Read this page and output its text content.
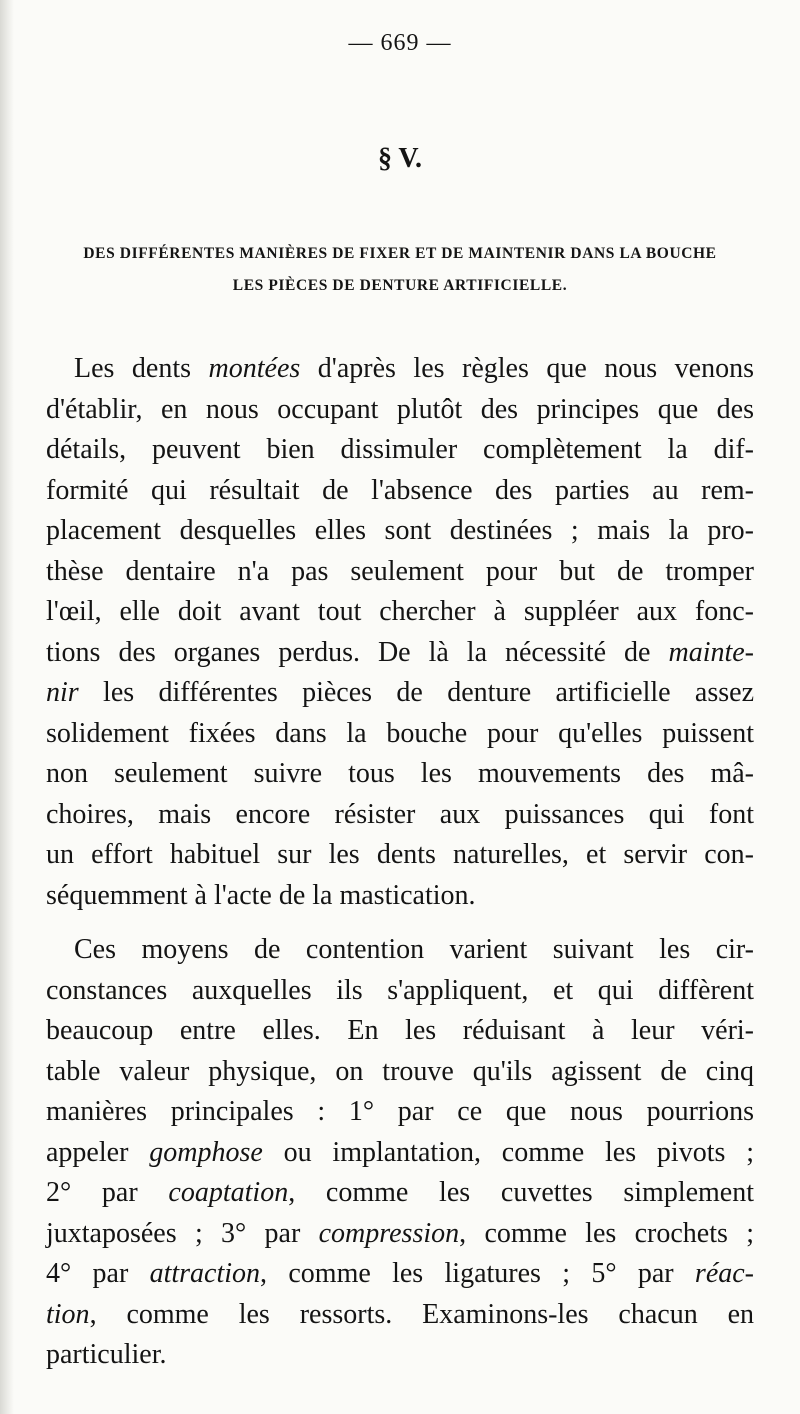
— 669 —
§ V.
DES DIFFÉRENTES MANIÈRES DE FIXER ET DE MAINTENIR DANS LA BOUCHE
LES PIÈCES DE DENTURE ARTIFICIELLE.
Les dents montées d'après les règles que nous venons
d'établir, en nous occupant plutôt des principes que des
détails, peuvent bien dissimuler complètement la dif-
formité qui résultait de l'absence des parties au rem-
placement desquelles elles sont destinées ; mais la pro-
thèse dentaire n'a pas seulement pour but de tromper
l'œil, elle doit avant tout chercher à suppléer aux fonc-
tions des organes perdus. De là la nécessité de mainte-
nir les différentes pièces de denture artificielle assez
solidement fixées dans la bouche pour qu'elles puissent
non seulement suivre tous les mouvements des mâ-
choires, mais encore résister aux puissances qui font
un effort habituel sur les dents naturelles, et servir con-
séquemment à l'acte de la mastication.
Ces moyens de contention varient suivant les cir-
constances auxquelles ils s'appliquent, et qui diffèrent
beaucoup entre elles. En les réduisant à leur véri-
table valeur physique, on trouve qu'ils agissent de cinq
manières principales : 1° par ce que nous pourrions
appeler gomphose ou implantation, comme les pivots ;
2° par coaptation, comme les cuvettes simplement
juxtaposées ; 3° par compression, comme les crochets ;
4° par attraction, comme les ligatures ; 5° par réac-
tion, comme les ressorts. Examinons-les chacun en
particulier.
